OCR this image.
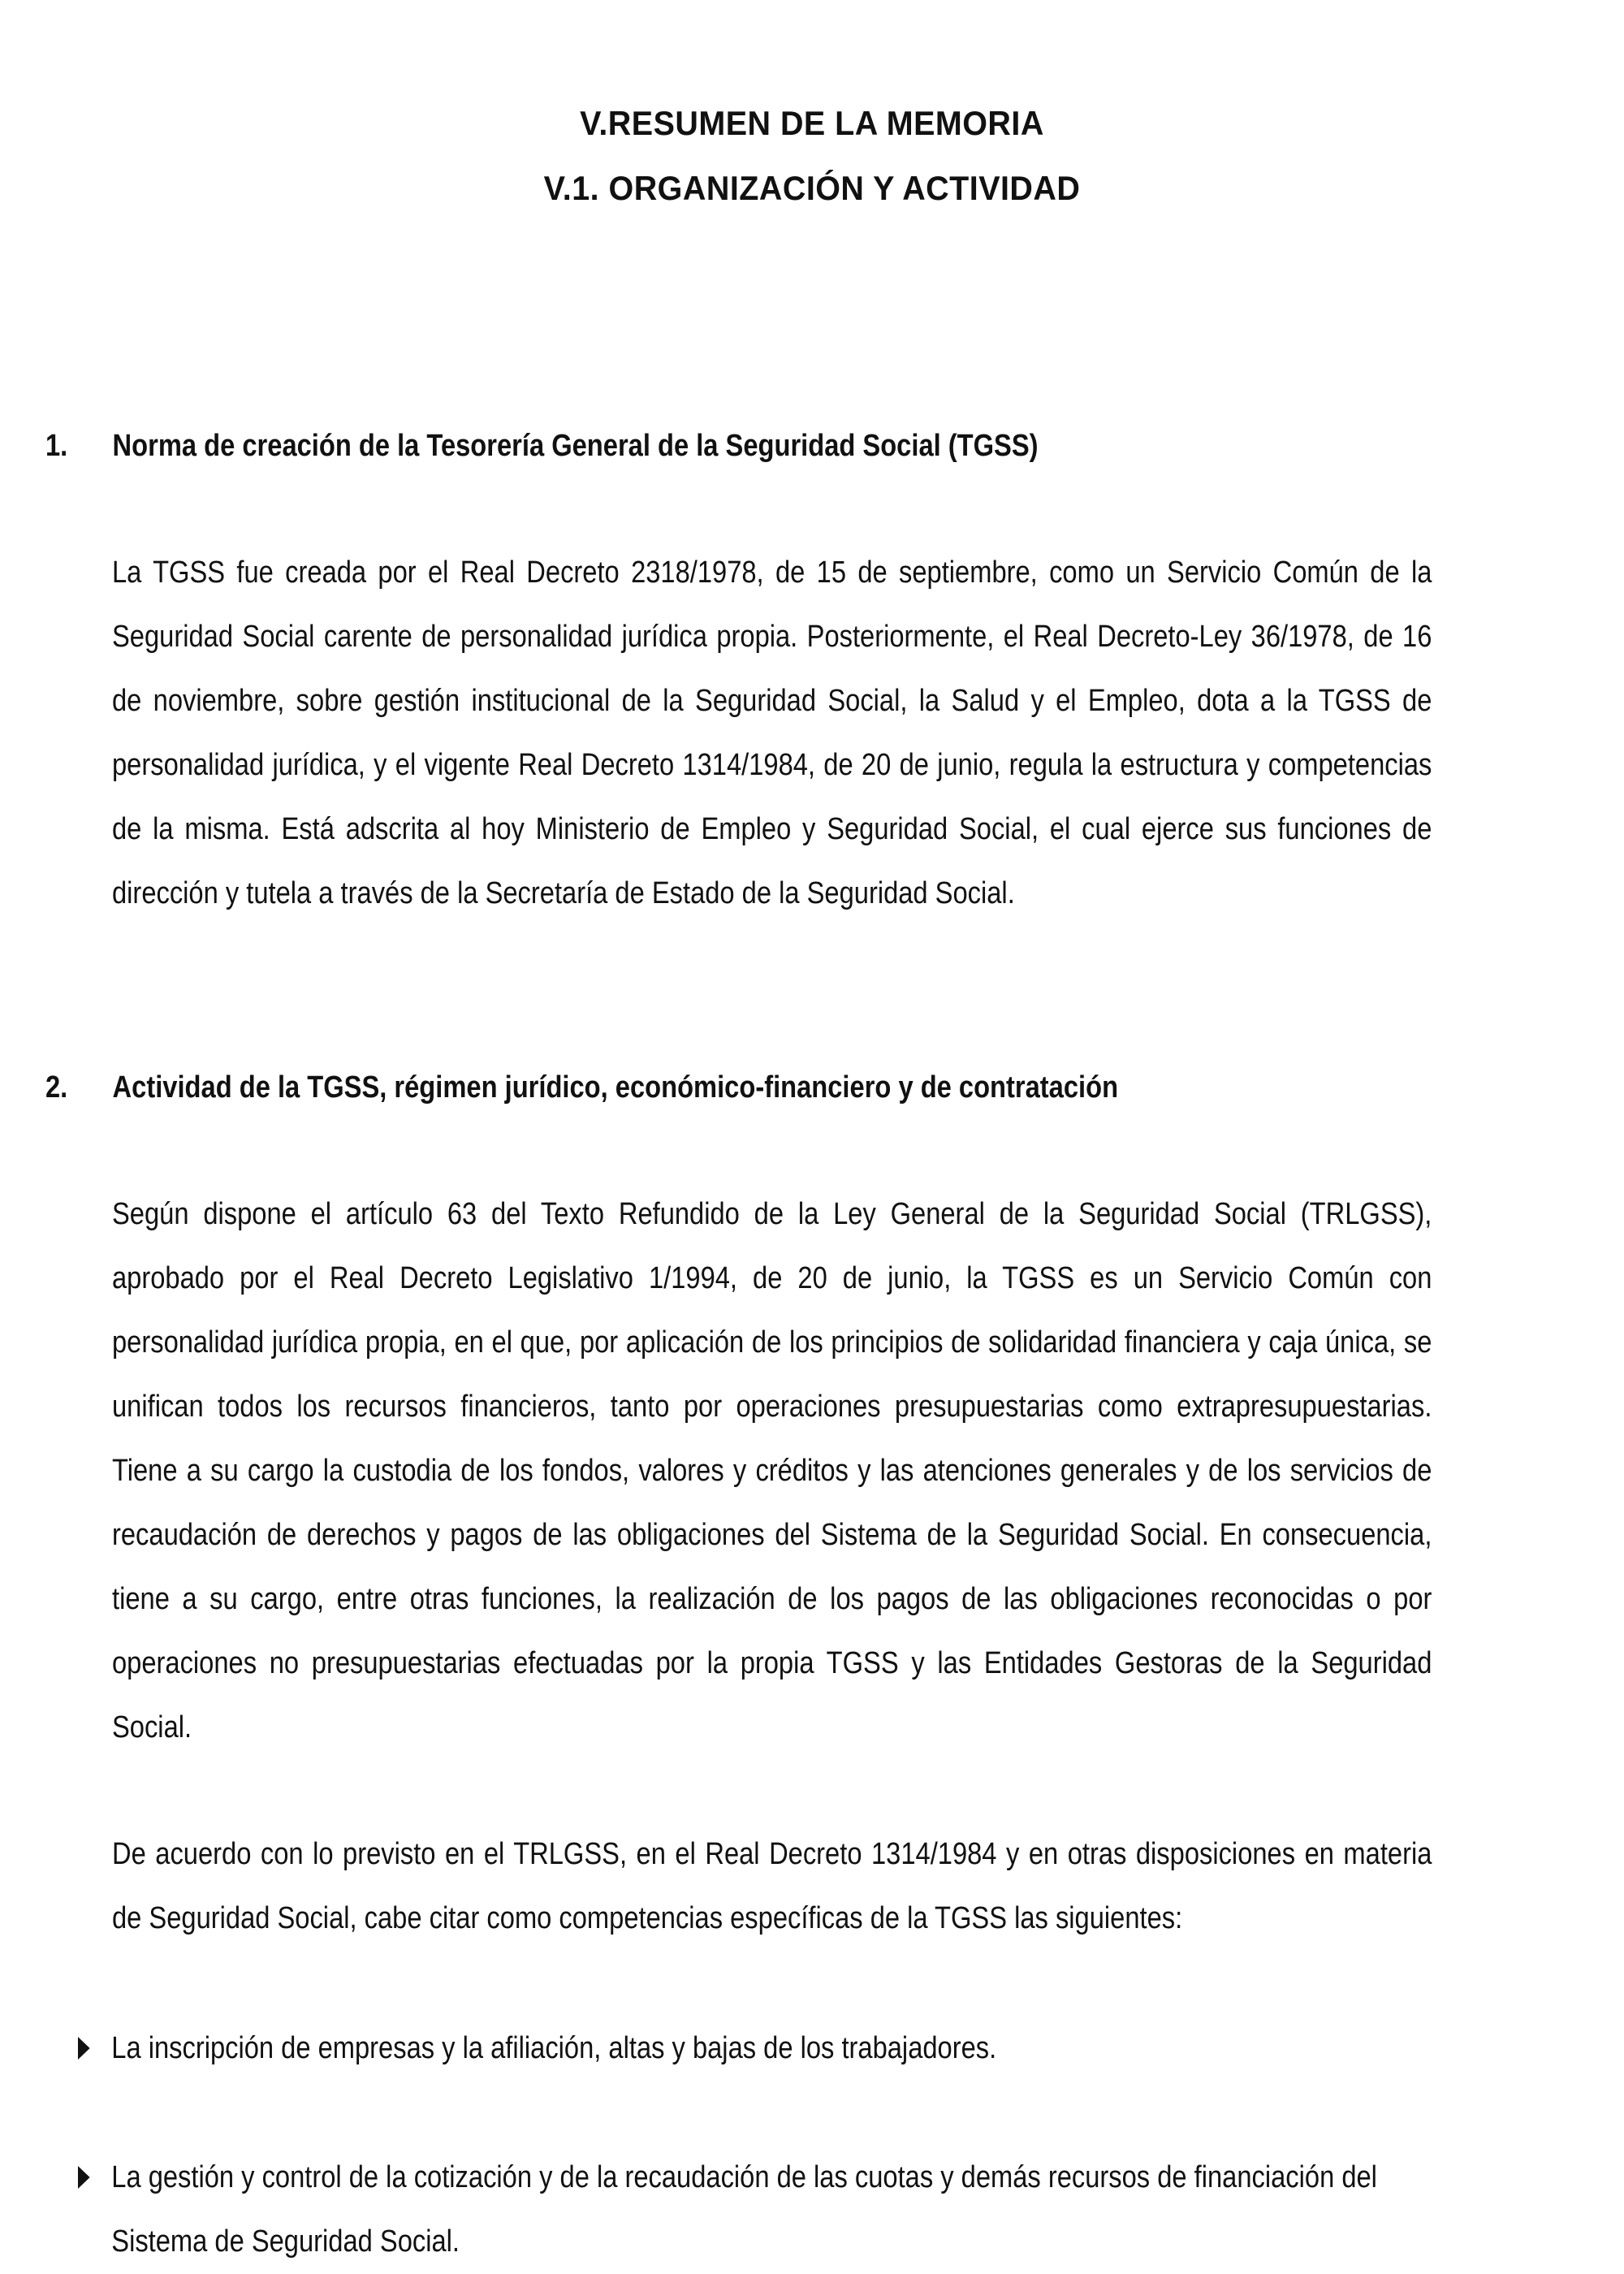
V.RESUMEN DE LA MEMORIA
V.1. ORGANIZACIÓN Y ACTIVIDAD
1. Norma de creación de la Tesorería General de la Seguridad Social (TGSS)
La TGSS fue creada por el Real Decreto 2318/1978, de 15 de septiembre, como un Servicio Común de la Seguridad Social carente de personalidad jurídica propia. Posteriormente, el Real Decreto-Ley 36/1978, de 16 de noviembre, sobre gestión institucional de la Seguridad Social, la Salud y el Empleo, dota a la TGSS de personalidad jurídica, y el vigente Real Decreto 1314/1984, de 20 de junio, regula la estructura y competencias de la misma. Está adscrita al hoy Ministerio de Empleo y Seguridad Social, el cual ejerce sus funciones de dirección y tutela a través de la Secretaría de Estado de la Seguridad Social.
2. Actividad de la TGSS, régimen jurídico, económico-financiero y de contratación
Según dispone el artículo 63 del Texto Refundido de la Ley General de la Seguridad Social (TRLGSS), aprobado por el Real Decreto Legislativo 1/1994, de 20 de junio, la TGSS es un Servicio Común con personalidad jurídica propia, en el que, por aplicación de los principios de solidaridad financiera y caja única, se unifican todos los recursos financieros, tanto por operaciones presupuestarias como extrapresupuestarias. Tiene a su cargo la custodia de los fondos, valores y créditos y las atenciones generales y de los servicios de recaudación de derechos y pagos de las obligaciones del Sistema de la Seguridad Social. En consecuencia, tiene a su cargo, entre otras funciones, la realización de los pagos de las obligaciones reconocidas o por operaciones no presupuestarias efectuadas por la propia TGSS y las Entidades Gestoras de la Seguridad Social.
De acuerdo con lo previsto en el TRLGSS, en el Real Decreto 1314/1984 y en otras disposiciones en materia de Seguridad Social, cabe citar como competencias específicas de la TGSS las siguientes:
La inscripción de empresas y la afiliación, altas y bajas de los trabajadores.
La gestión y control de la cotización y de la recaudación de las cuotas y demás recursos de financiación del Sistema de Seguridad Social.
